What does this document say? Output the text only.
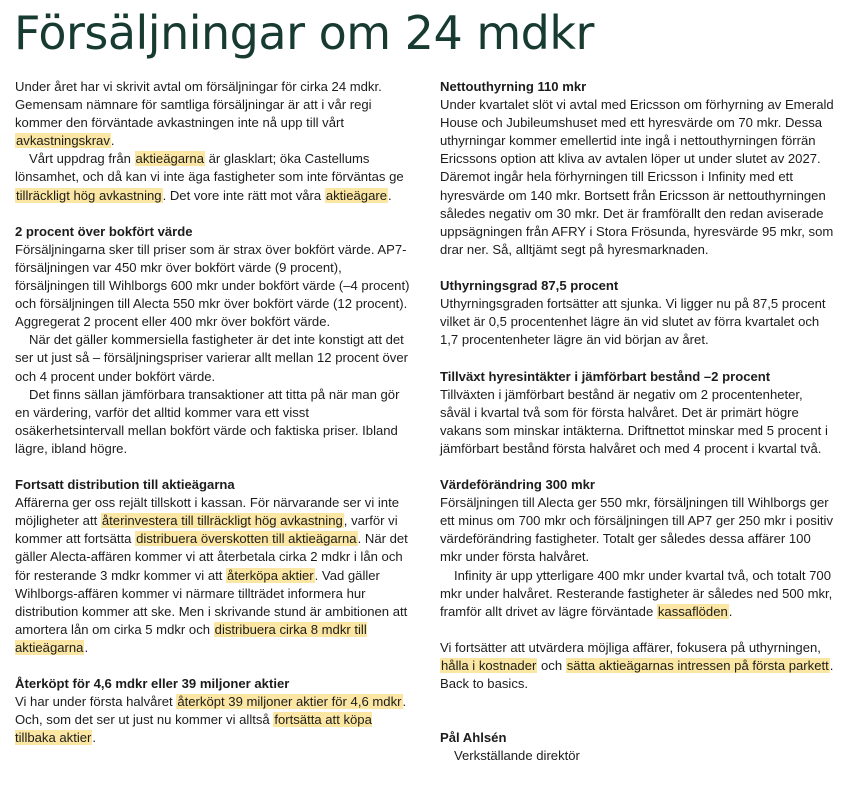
Försäljningar om 24 mdkr

Under året har vi skrivit avtal om försäljningar för cirka 24 mdkr. Gemensam nämnare för samtliga försäljningar är att i vår regi kommer den förväntade avkastningen inte nå upp till vårt avkastningskrav.

Vårt uppdrag från aktieägarna är glasklart; öka Castellums lönsamhet, och då kan vi inte äga fastigheter som inte förväntas ge tillräckligt hög avkastning. Det vore inte rätt mot våra aktieägare.

2 procent över bokfört värde

Försäljningarna sker till priser som är strax över bokfört värde. AP7-försäljningen var 450 mkr över bokfört värde (9 procent), försäljningen till Wihlborgs 600 mkr under bokfört värde (–4 procent) och försäljningen till Alecta 550 mkr över bokfört värde (12 procent). Aggregerat 2 procent eller 400 mkr över bokfört värde.

När det gäller kommersiella fastigheter är det inte konstigt att det ser ut just så – försäljningspriser varierar allt mellan 12 procent över och 4 procent under bokfört värde.

Det finns sällan jämförbara transaktioner att titta på när man gör en värdering, varför det alltid kommer vara ett visst osäkerhetsintervall mellan bokfört värde och faktiska priser. Ibland lägre, ibland högre.

Fortsatt distribution till aktieägarna

Affärerna ger oss rejält tillskott i kassan. För närvarande ser vi inte möjligheter att återinvestera till tillräckligt hög avkastning, varför vi kommer att fortsätta distribuera överskotten till aktieägarna. När det gäller Alecta-affären kommer vi att återbetala cirka 2 mdkr i lån och för resterande 3 mdkr kommer vi att återköpa aktier. Vad gäller Wihlborgs-affären kommer vi närmare tillträdet informera hur distribution kommer att ske. Men i skrivande stund är ambitionen att amortera lån om cirka 5 mdkr och distribuera cirka 8 mdkr till aktieägarna.

Återköpt för 4,6 mdkr eller 39 miljoner aktier

Vi har under första halvåret återköpt 39 miljoner aktier för 4,6 mdkr. Och, som det ser ut just nu kommer vi alltså fortsätta att köpa tillbaka aktier.

Nettouthyrning 110 mkr

Under kvartalet slöt vi avtal med Ericsson om förhyrning av Emerald House och Jubileumshuset med ett hyresvärde om 70 mkr. Dessa uthyrningar kommer emellertid inte ingå i nettouthyrningen förrän Ericssons option att kliva av avtalen löper ut under slutet av 2027. Däremot ingår hela förhyrningen till Ericsson i Infinity med ett hyresvärde om 140 mkr. Bortsett från Ericsson är nettouthyrningen således negativ om 30 mkr. Det är framförallt den redan aviserade uppsägningen från AFRY i Stora Frösunda, hyresvärde 95 mkr, som drar ner. Så, alltjämt segt på hyresmarknaden.

Uthyrningsgrad 87,5 procent

Uthyrningsgraden fortsätter att sjunka. Vi ligger nu på 87,5 procent vilket är 0,5 procentenhet lägre än vid slutet av förra kvartalet och 1,7 procentenheter lägre än vid början av året.

Tillväxt hyresintäkter i jämförbart bestånd –2 procent

Tillväxten i jämförbart bestånd är negativ om 2 procentenheter, såväl i kvartal två som för första halvåret. Det är primärt högre vakans som minskar intäkterna. Driftnettot minskar med 5 procent i jämförbart bestånd första halvåret och med 4 procent i kvartal två.

Värdeförändring 300 mkr

Försäljningen till Alecta ger 550 mkr, försäljningen till Wihlborgs ger ett minus om 700 mkr och försäljningen till AP7 ger 250 mkr i positiv värdeförändring fastigheter. Totalt ger således dessa affärer 100 mkr under första halvåret.

Infinity är upp ytterligare 400 mkr under kvartal två, och totalt 700 mkr under halvåret. Resterande fastigheter är således ned 500 mkr, framför allt drivet av lägre förväntade kassaflöden.

Vi fortsätter att utvärdera möjliga affärer, fokusera på uthyrningen, hålla i kostnader och sätta aktieägarnas intressen på första parkett. Back to basics.

Pål Ahlsén

Verkställande direktör
